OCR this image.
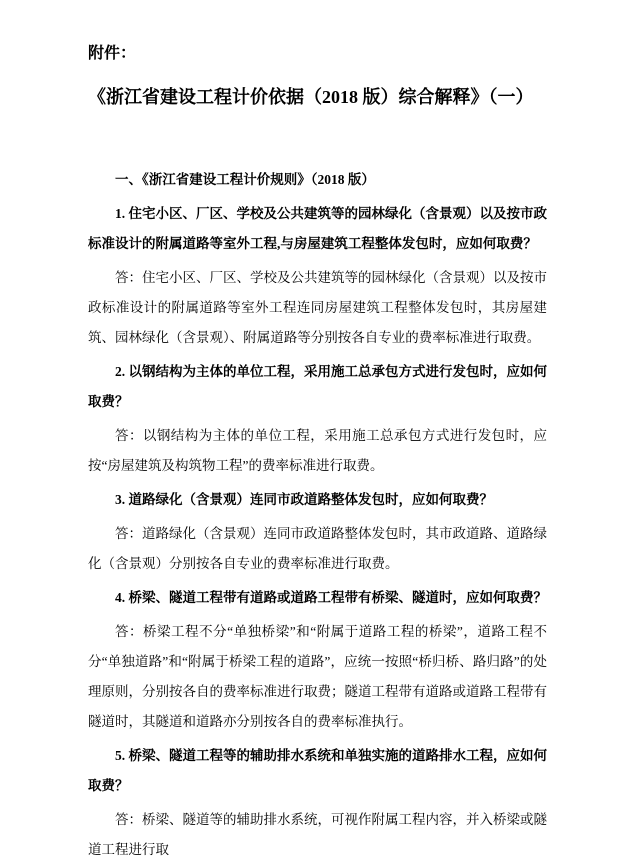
附件：

《浙江省建设工程计价依据（2018 版）综合解释》（一）
一、《浙江省建设工程计价规则》（2018 版）

1. 住宅小区、厂区、学校及公共建筑等的园林绿化（含景观）以及按市政标准设计的附属道路等室外工程,与房屋建筑工程整体发包时，应如何取费？

答：住宅小区、厂区、学校及公共建筑等的园林绿化（含景观）以及按市政标准设计的附属道路等室外工程连同房屋建筑工程整体发包时，其房屋建筑、园林绿化（含景观）、附属道路等分别按各自专业的费率标准进行取费。

2. 以钢结构为主体的单位工程，采用施工总承包方式进行发包时，应如何取费？

答：以钢结构为主体的单位工程，采用施工总承包方式进行发包时，应按“房屋建筑及构筑物工程”的费率标准进行取费。

3. 道路绿化（含景观）连同市政道路整体发包时，应如何取费？

答：道路绿化（含景观）连同市政道路整体发包时，其市政道路、道路绿化（含景观）分别按各自专业的费率标准进行取费。

4. 桥梁、隧道工程带有道路或道路工程带有桥梁、隧道时，应如何取费？

答：桥梁工程不分“单独桥梁”和“附属于道路工程的桥梁”，道路工程不分“单独道路”和“附属于桥梁工程的道路”，应统一按照“桥归桥、路归路”的处理原则，分别按各自的费率标准进行取费；隧道工程带有道路或道路工程带有隧道时，其隧道和道路亦分别按各自的费率标准执行。

5. 桥梁、隧道工程等的辅助排水系统和单独实施的道路排水工程，应如何取费？

答：桥梁、隧道等的辅助排水系统，可视作附属工程内容，并入桥梁或隧道工程进行取
